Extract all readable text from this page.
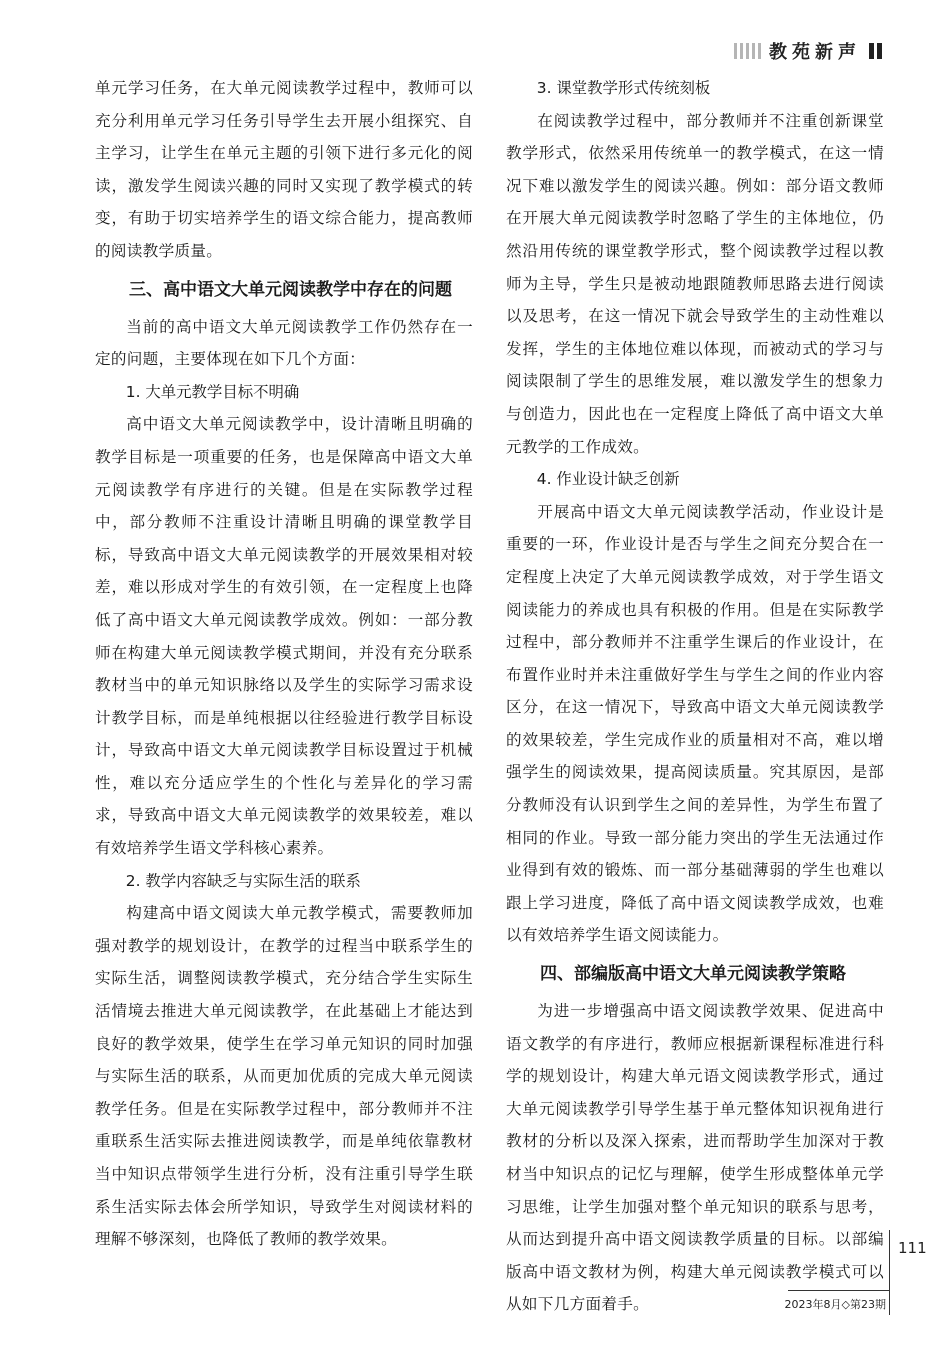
教苑新声

单元学习任务，在大单元阅读教学过程中，教师可以充分利用单元学习任务引导学生去开展小组探究、自主学习，让学生在单元主题的引领下进行多元化的阅读，激发学生阅读兴趣的同时又实现了教学模式的转变，有助于切实培养学生的语文综合能力，提高教师的阅读教学质量。

三、高中语文大单元阅读教学中存在的问题

当前的高中语文大单元阅读教学工作仍然存在一定的问题，主要体现在如下几个方面：

1. 大单元教学目标不明确

高中语文大单元阅读教学中，设计清晰且明确的教学目标是一项重要的任务，也是保障高中语文大单元阅读教学有序进行的关键。但是在实际教学过程中，部分教师不注重设计清晰且明确的课堂教学目标，导致高中语文大单元阅读教学的开展效果相对较差，难以形成对学生的有效引领，在一定程度上也降低了高中语文大单元阅读教学成效。例如：一部分教师在构建大单元阅读教学模式期间，并没有充分联系教材当中的单元知识脉络以及学生的实际学习需求设计教学目标，而是单纯根据以往经验进行教学目标设计，导致高中语文大单元阅读教学目标设置过于机械性，难以充分适应学生的个性化与差异化的学习需求，导致高中语文大单元阅读教学的效果较差，难以有效培养学生语文学科核心素养。

2. 教学内容缺乏与实际生活的联系

构建高中语文阅读大单元教学模式，需要教师加强对教学的规划设计，在教学的过程当中联系学生的实际生活，调整阅读教学模式，充分结合学生实际生活情境去推进大单元阅读教学，在此基础上才能达到良好的教学效果，使学生在学习单元知识的同时加强与实际生活的联系，从而更加优质的完成大单元阅读教学任务。但是在实际教学过程中，部分教师并不注重联系生活实际去推进阅读教学，而是单纯依靠教材当中知识点带领学生进行分析，没有注重引导学生联系生活实际去体会所学知识，导致学生对阅读材料的理解不够深刻，也降低了教师的教学效果。

3. 课堂教学形式传统刻板

在阅读教学过程中，部分教师并不注重创新课堂教学形式，依然采用传统单一的教学模式，在这一情况下难以激发学生的阅读兴趣。例如：部分语文教师在开展大单元阅读教学时忽略了学生的主体地位，仍然沿用传统的课堂教学形式，整个阅读教学过程以教师为主导，学生只是被动地跟随教师思路去进行阅读以及思考，在这一情况下就会导致学生的主动性难以发挥，学生的主体地位难以体现，而被动式的学习与阅读限制了学生的思维发展，难以激发学生的想象力与创造力，因此也在一定程度上降低了高中语文大单元教学的工作成效。

4. 作业设计缺乏创新

开展高中语文大单元阅读教学活动，作业设计是重要的一环，作业设计是否与学生之间充分契合在一定程度上决定了大单元阅读教学成效，对于学生语文阅读能力的养成也具有积极的作用。但是在实际教学过程中，部分教师并不注重学生课后的作业设计，在布置作业时并未注重做好学生与学生之间的作业内容区分，在这一情况下，导致高中语文大单元阅读教学的效果较差，学生完成作业的质量相对不高，难以增强学生的阅读效果，提高阅读质量。究其原因，是部分教师没有认识到学生之间的差异性，为学生布置了相同的作业。导致一部分能力突出的学生无法通过作业得到有效的锻炼、而一部分基础薄弱的学生也难以跟上学习进度，降低了高中语文阅读教学成效，也难以有效培养学生语文阅读能力。

四、部编版高中语文大单元阅读教学策略

为进一步增强高中语文阅读教学效果、促进高中语文教学的有序进行，教师应根据新课程标准进行科学的规划设计，构建大单元语文阅读教学形式，通过大单元阅读教学引导学生基于单元整体知识视角进行教材的分析以及深入探索，进而帮助学生加深对于教材当中知识点的记忆与理解，使学生形成整体单元学习思维，让学生加强对整个单元知识的联系与思考，从而达到提升高中语文阅读教学质量的目标。以部编版高中语文教材为例，构建大单元阅读教学模式可以从如下几方面着手。

111
2023年8月◇第23期
